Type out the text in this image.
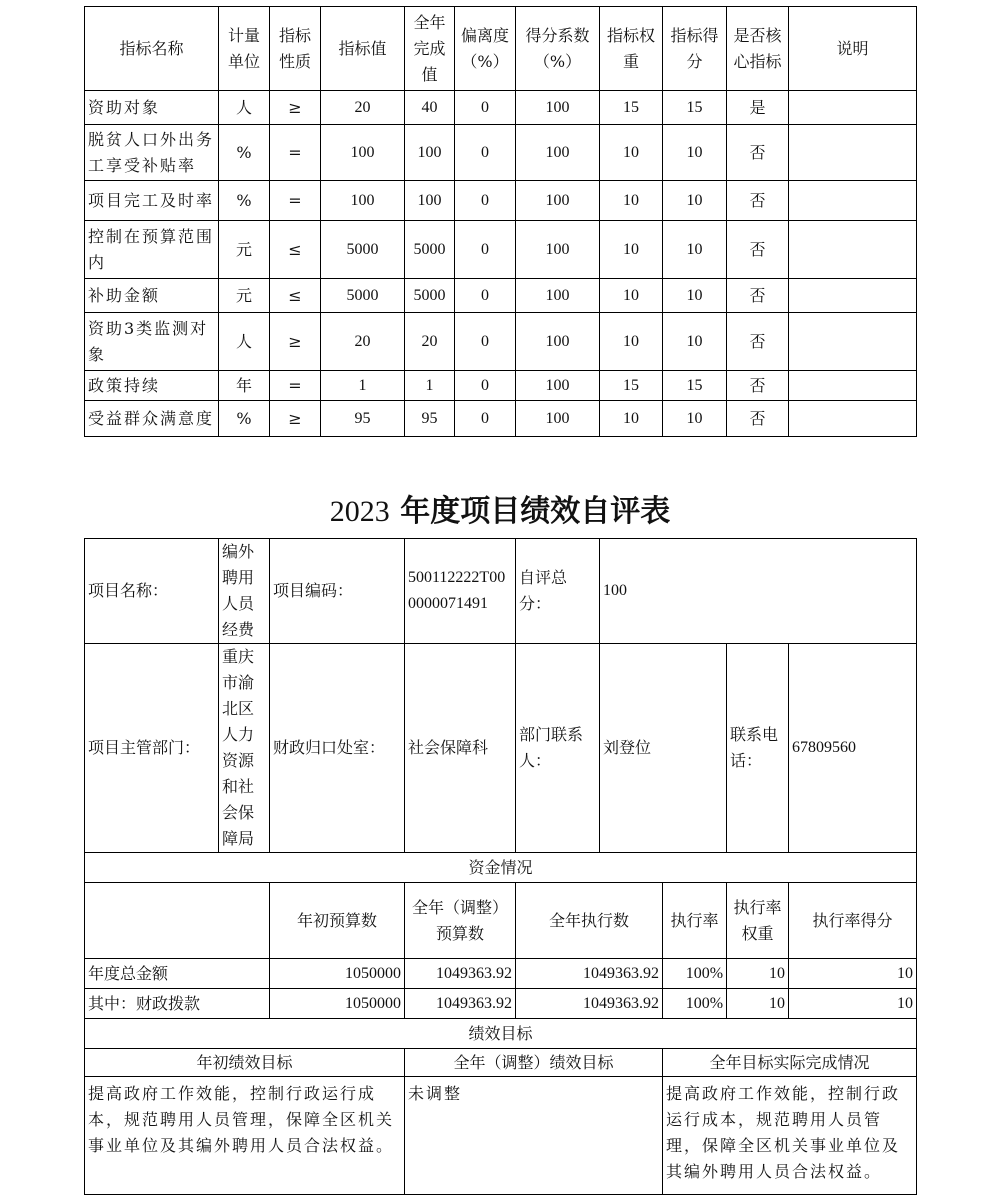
指标名称	计量单位	指标性质	指标值	全年完成值	偏离度（%）	得分系数（%）	指标权重	指标得分	是否核心指标	说明
资助对象	人	≥	20	40	0	100	15	15	是	
脱贫人口外出务工享受补贴率	%	=	100	100	0	100	10	10	否	
项目完工及时率	%	=	100	100	0	100	10	10	否	
控制在预算范围内	元	≤	5000	5000	0	100	10	10	否	
补助金额	元	≤	5000	5000	0	100	10	10	否	
资助3类监测对象	人	≥	20	20	0	100	10	10	否	
政策持续	年	=	1	1	0	100	15	15	否	
受益群众满意度	%	≥	95	95	0	100	10	10	否	
2023 年度项目绩效自评表
项目名称：	编外聘用人员经费	项目编码：	500112222T000000071491	自评总分：	100			
项目主管部门：	重庆市渝北区人力资源和社会保障局	财政归口处室：	社会保障科	部门联系人：	刘登位		联系电话：	67809560
资金情况								
		年初预算数	全年（调整）预算数	全年执行数		执行率	执行率权重	执行率得分
年度总金额		1050000	1049363.92	1049363.92		100%	10	10
其中：财政拨款		1050000	1049363.92	1049363.92		100%	10	10
绩效目标								
年初绩效目标			全年（调整）绩效目标			全年目标实际完成情况		
提高政府工作效能，控制行政运行成本，规范聘用人员管理，保障全区机关事业单位及其编外聘用人员合法权益。			未调整			提高政府工作效能，控制行政运行成本，规范聘用人员管理，保障全区机关事业单位及其编外聘用人员合法权益。		
